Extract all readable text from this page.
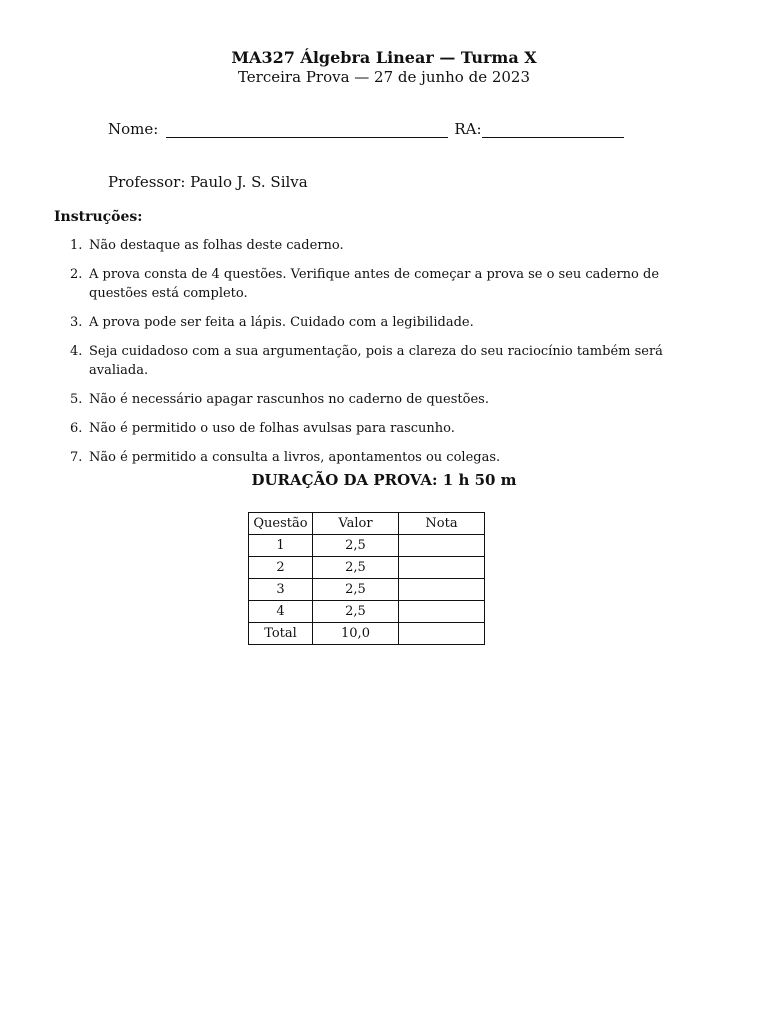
MA327 Álgebra Linear — Turma X
Terceira Prova — 27 de junho de 2023
Nome:	RA:
Professor: Paulo J. S. Silva
Instruções:
1. Não destaque as folhas deste caderno.
2. A prova consta de 4 questões. Verifique antes de começar a prova se o seu caderno de questões está completo.
3. A prova pode ser feita a lápis. Cuidado com a legibilidade.
4. Seja cuidadoso com a sua argumentação, pois a clareza do seu raciocínio também será avaliada.
5. Não é necessário apagar rascunhos no caderno de questões.
6. Não é permitido o uso de folhas avulsas para rascunho.
7. Não é permitido a consulta a livros, apontamentos ou colegas.
DURAÇÃO DA PROVA: 1 h 50 m
Questão	Valor	Nota
1	2,5	
2	2,5	
3	2,5	
4	2,5	
Total	10,0	
